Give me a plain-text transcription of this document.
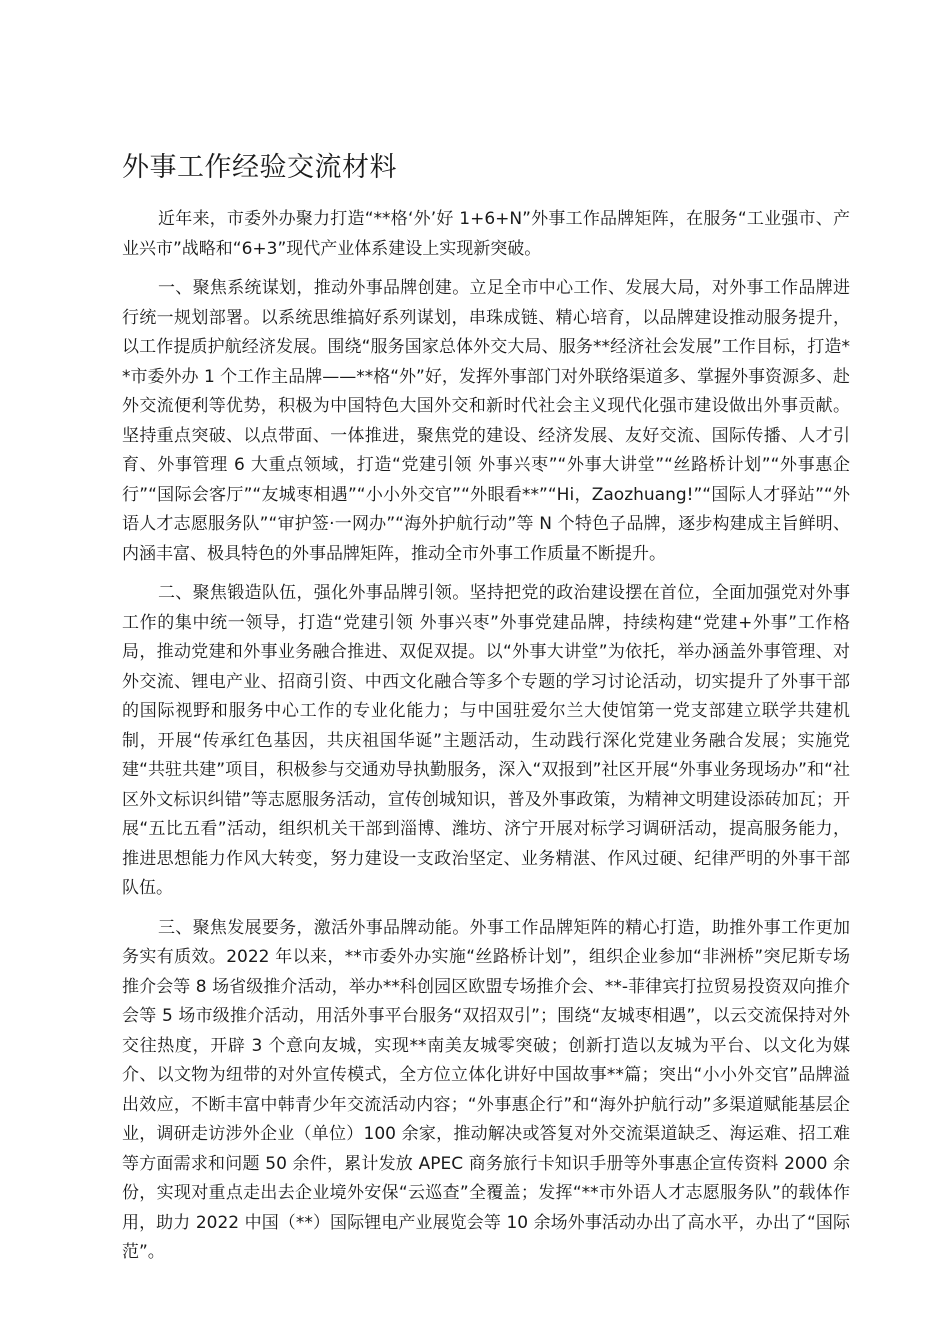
外事工作经验交流材料

近年来，市委外办聚力打造“**格‘外’好 1+6+N”外事工作品牌矩阵，在服务“工业强市、产业兴市”战略和“6+3”现代产业体系建设上实现新突破。

一、聚焦系统谋划，推动外事品牌创建。立足全市中心工作、发展大局，对外事工作品牌进行统一规划部署。以系统思维搞好系列谋划，串珠成链、精心培育，以品牌建设推动服务提升，以工作提质护航经济发展。围绕“服务国家总体外交大局、服务**经济社会发展”工作目标，打造**市委外办 1 个工作主品牌——**格“外”好，发挥外事部门对外联络渠道多、掌握外事资源多、赴外交流便利等优势，积极为中国特色大国外交和新时代社会主义现代化强市建设做出外事贡献。坚持重点突破、以点带面、一体推进，聚焦党的建设、经济发展、友好交流、国际传播、人才引育、外事管理 6 大重点领域，打造“党建引领 外事兴枣”“外事大讲堂”“丝路桥计划”“外事惠企行”“国际会客厅”“友城枣相遇”“小小外交官”“外眼看**”“Hi，Zaozhuang!”“国际人才驿站”“外语人才志愿服务队”“审护签·一网办”“海外护航行动”等 N 个特色子品牌，逐步构建成主旨鲜明、内涵丰富、极具特色的外事品牌矩阵，推动全市外事工作质量不断提升。

二、聚焦锻造队伍，强化外事品牌引领。坚持把党的政治建设摆在首位，全面加强党对外事工作的集中统一领导，打造“党建引领 外事兴枣”外事党建品牌，持续构建“党建+外事”工作格局，推动党建和外事业务融合推进、双促双提。以“外事大讲堂”为依托，举办涵盖外事管理、对外交流、锂电产业、招商引资、中西文化融合等多个专题的学习讨论活动，切实提升了外事干部的国际视野和服务中心工作的专业化能力；与中国驻爱尔兰大使馆第一党支部建立联学共建机制，开展“传承红色基因，共庆祖国华诞”主题活动，生动践行深化党建业务融合发展；实施党建“共驻共建”项目，积极参与交通劝导执勤服务，深入“双报到”社区开展“外事业务现场办”和“社区外文标识纠错”等志愿服务活动，宣传创城知识，普及外事政策，为精神文明建设添砖加瓦；开展“五比五看”活动，组织机关干部到淄博、潍坊、济宁开展对标学习调研活动，提高服务能力，推进思想能力作风大转变，努力建设一支政治坚定、业务精湛、作风过硬、纪律严明的外事干部队伍。

三、聚焦发展要务，激活外事品牌动能。外事工作品牌矩阵的精心打造，助推外事工作更加务实有质效。2022 年以来，**市委外办实施“丝路桥计划”，组织企业参加“非洲桥”突尼斯专场推介会等 8 场省级推介活动，举办**科创园区欧盟专场推介会、**-菲律宾打拉贸易投资双向推介会等 5 场市级推介活动，用活外事平台服务“双招双引”；围绕“友城枣相遇”，以云交流保持对外交往热度，开辟 3 个意向友城，实现**南美友城零突破；创新打造以友城为平台、以文化为媒介、以文物为纽带的对外宣传模式，全方位立体化讲好中国故事**篇；突出“小小外交官”品牌溢出效应，不断丰富中韩青少年交流活动内容；“外事惠企行”和“海外护航行动”多渠道赋能基层企业，调研走访涉外企业（单位）100 余家，推动解决或答复对外交流渠道缺乏、海运难、招工难等方面需求和问题 50 余件，累计发放 APEC 商务旅行卡知识手册等外事惠企宣传资料 2000 余份，实现对重点走出去企业境外安保“云巡查”全覆盖；发挥“**市外语人才志愿服务队”的载体作用，助力 2022 中国（**）国际锂电产业展览会等 10 余场外事活动办出了高水平，办出了“国际范”。
